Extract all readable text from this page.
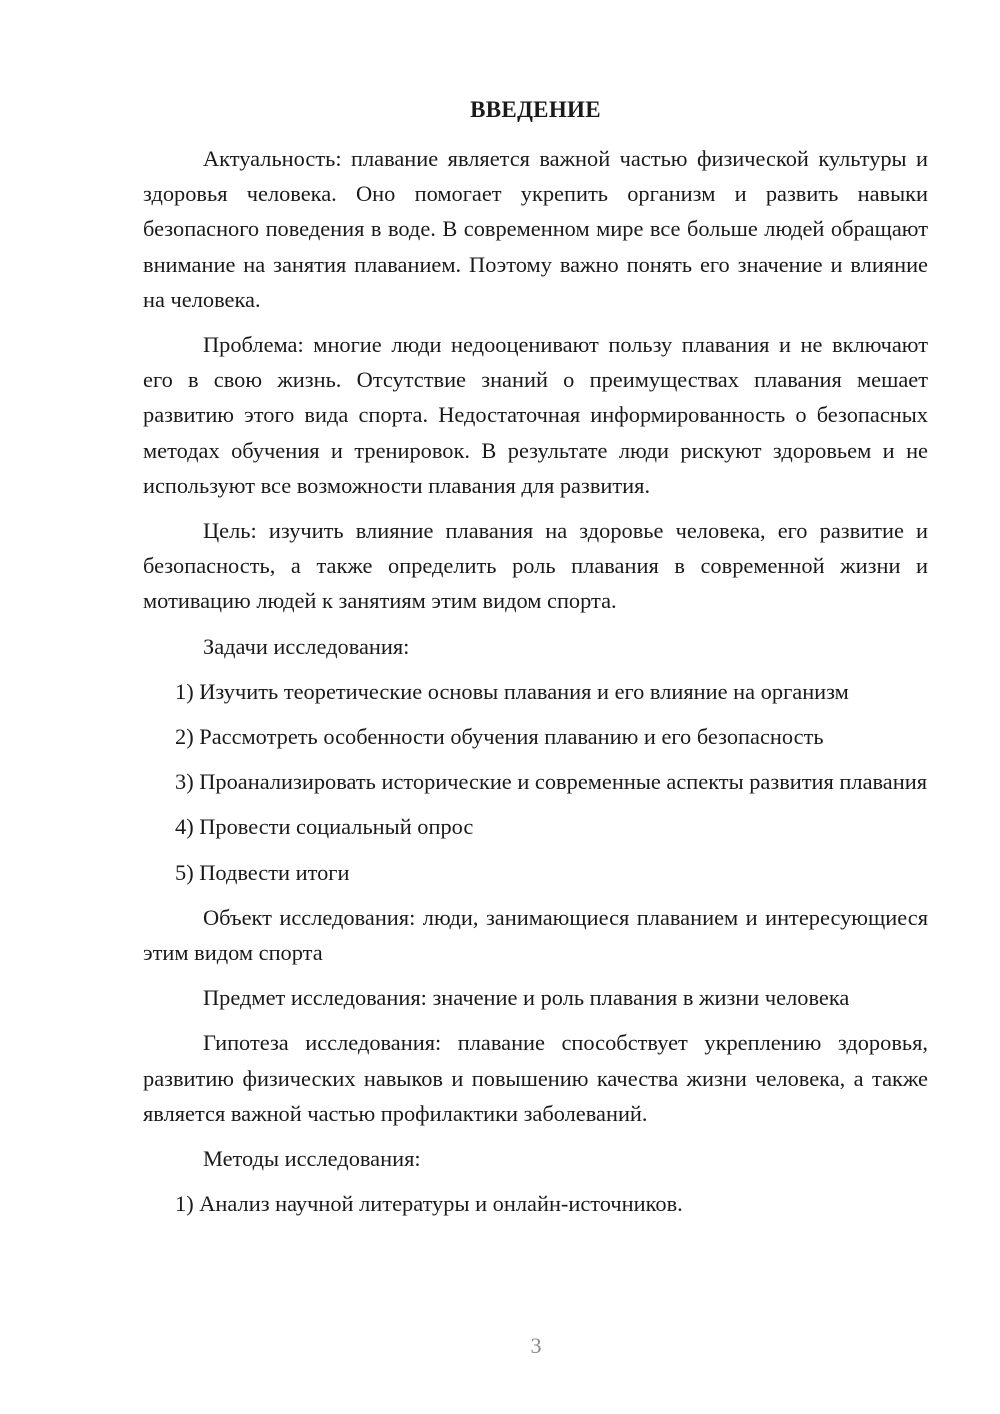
ВВЕДЕНИЕ

Актуальность: плавание является важной частью физической культуры и здоровья человека. Оно помогает укрепить организм и развить навыки безопасного поведения в воде. В современном мире все больше людей обращают внимание на занятия плаванием. Поэтому важно понять его значение и влияние на человека.

Проблема: многие люди недооценивают пользу плавания и не включают его в свою жизнь. Отсутствие знаний о преимуществах плавания мешает развитию этого вида спорта. Недостаточная информированность о безопасных методах обучения и тренировок. В результате люди рискуют здоровьем и не используют все возможности плавания для развития.

Цель: изучить влияние плавания на здоровье человека, его развитие и безопасность, а также определить роль плавания в современной жизни и мотивацию людей к занятиям этим видом спорта.

Задачи исследования:

1) Изучить теоретические основы плавания и его влияние на организм

2) Рассмотреть особенности обучения плаванию и его безопасность

3) Проанализировать исторические и современные аспекты развития плавания

4) Провести социальный опрос

5) Подвести итоги

Объект исследования: люди, занимающиеся плаванием и интересующиеся этим видом спорта

Предмет исследования: значение и роль плавания в жизни человека

Гипотеза исследования: плавание способствует укреплению здоровья, развитию физических навыков и повышению качества жизни человека, а также является важной частью профилактики заболеваний.

Методы исследования:

1) Анализ научной литературы и онлайн-источников.

3
